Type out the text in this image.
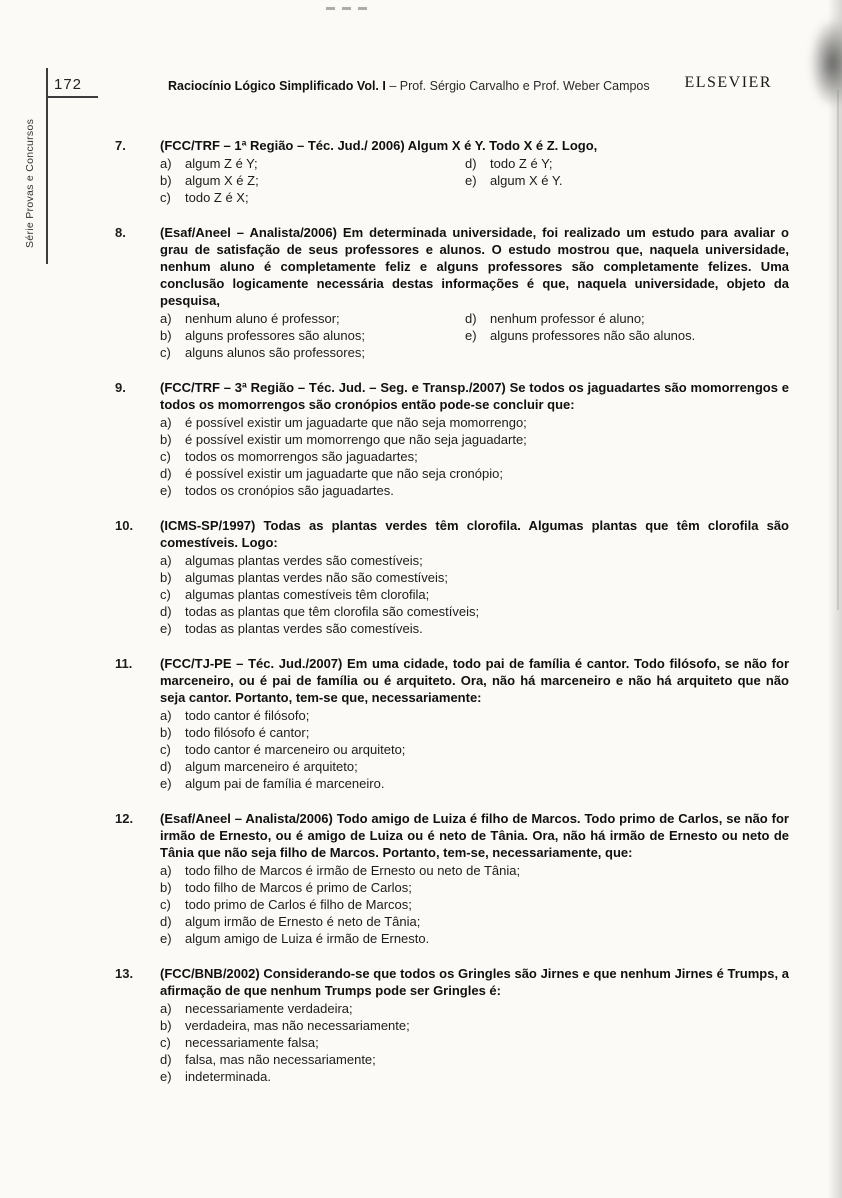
172
Série Provas e Concursos
Raciocínio Lógico Simplificado Vol. I – Prof. Sérgio Carvalho e Prof. Weber Campos ELSEVIER
7.	(FCC/TRF – 1ª Região – Téc. Jud./ 2006) Algum X é Y. Todo X é Z. Logo,
a)	algum Z é Y;
b)	algum X é Z;
c)	todo Z é X;
d)	todo Z é Y;
e)	algum X é Y.
8.	(Esaf/Aneel – Analista/2006) Em determinada universidade, foi realizado um estudo para avaliar o grau de satisfação de seus professores e alunos. O estudo mostrou que, naquela universidade, nenhum aluno é completamente feliz e alguns professores são completamente felizes. Uma conclusão logicamente necessária destas informações é que, naquela universidade, objeto da pesquisa,
a)	nenhum aluno é professor;
b)	alguns professores são alunos;
c)	alguns alunos são professores;
d)	nenhum professor é aluno;
e)	alguns professores não são alunos.
9.	(FCC/TRF – 3ª Região – Téc. Jud. – Seg. e Transp./2007) Se todos os jaguadartes são momorrengos e todos os momorrengos são cronópios então pode-se concluir que:
a)	é possível existir um jaguadarte que não seja momorrengo;
b)	é possível existir um momorrengo que não seja jaguadarte;
c)	todos os momorrengos são jaguadartes;
d)	é possível existir um jaguadarte que não seja cronópio;
e)	todos os cronópios são jaguadartes.
10.	(ICMS-SP/1997) Todas as plantas verdes têm clorofila. Algumas plantas que têm clorofila são comestíveis. Logo:
a)	algumas plantas verdes são comestíveis;
b)	algumas plantas verdes não são comestíveis;
c)	algumas plantas comestíveis têm clorofila;
d)	todas as plantas que têm clorofila são comestíveis;
e)	todas as plantas verdes são comestíveis.
11.	(FCC/TJ-PE – Téc. Jud./2007) Em uma cidade, todo pai de família é cantor. Todo filósofo, se não for marceneiro, ou é pai de família ou é arquiteto. Ora, não há marceneiro e não há arquiteto que não seja cantor. Portanto, tem-se que, necessariamente:
a)	todo cantor é filósofo;
b)	todo filósofo é cantor;
c)	todo cantor é marceneiro ou arquiteto;
d)	algum marceneiro é arquiteto;
e)	algum pai de família é marceneiro.
12.	(Esaf/Aneel – Analista/2006) Todo amigo de Luiza é filho de Marcos. Todo primo de Carlos, se não for irmão de Ernesto, ou é amigo de Luiza ou é neto de Tânia. Ora, não há irmão de Ernesto ou neto de Tânia que não seja filho de Marcos. Portanto, tem-se, necessariamente, que:
a)	todo filho de Marcos é irmão de Ernesto ou neto de Tânia;
b)	todo filho de Marcos é primo de Carlos;
c)	todo primo de Carlos é filho de Marcos;
d)	algum irmão de Ernesto é neto de Tânia;
e)	algum amigo de Luiza é irmão de Ernesto.
13.	(FCC/BNB/2002) Considerando-se que todos os Gringles são Jirnes e que nenhum Jirnes é Trumps, a afirmação de que nenhum Trumps pode ser Gringles é:
a)	necessariamente verdadeira;
b)	verdadeira, mas não necessariamente;
c)	necessariamente falsa;
d)	falsa, mas não necessariamente;
e)	indeterminada.
